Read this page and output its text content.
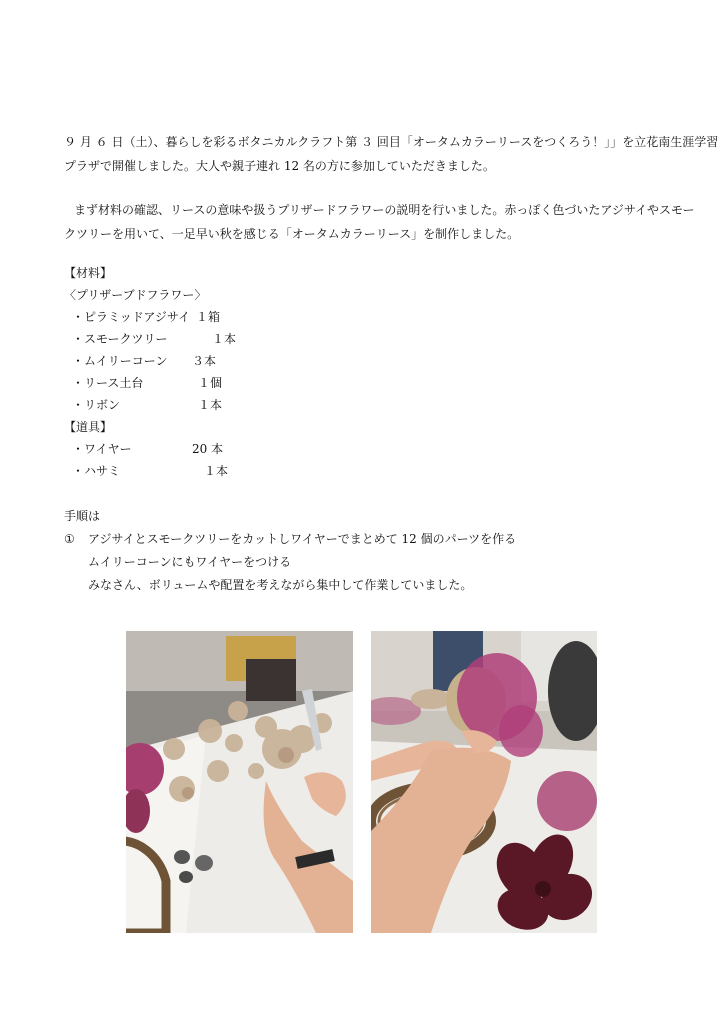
９ 月 ６ 日（土）、暮らしを彩るボタニカルクラフト第 ３ 回目「オータムカラーリースをつくろう！」」を立花南生涯学習
プラザで開催しました。大人や親子連れ 12 名の方に参加していただきました。

まず材料の確認、リースの意味や扱うプリザードフラワーの説明を行いました。赤っぽく色づいたアジサイやスモー
クツリーを用いて、一足早い秋を感じる「オータムカラーリース」を制作しました。

【材料】
〈プリザーブドフラワー〉
・ピラミッドアジサイ １箱
・スモークツリー	１本
・ムイリーコーン ３本
・リース土台	１個
・リボン	１本
【道具】
・ワイヤー	20 本
・ハサミ	１本
手順は
① アジサイとスモークツリーをカットしワイヤーでまとめて 12 個のパーツを作る
ムイリーコーンにもワイヤーをつける
みなさん、ボリュームや配置を考えながら集中して作業していました。
